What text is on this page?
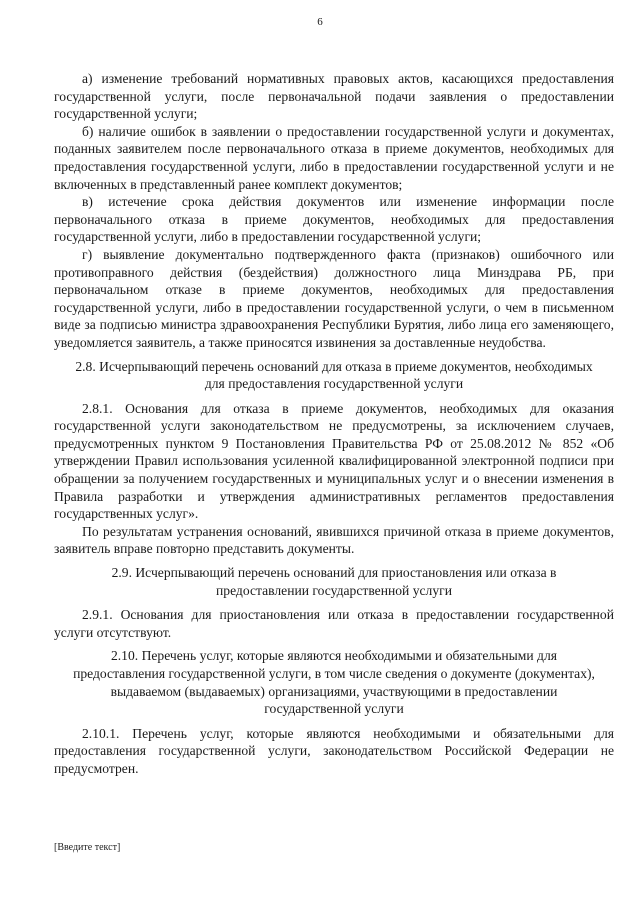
6

а) изменение требований нормативных правовых актов, касающихся предоставления государственной услуги, после первоначальной подачи заявления о предоставлении государственной услуги;

б) наличие ошибок в заявлении о предоставлении государственной услуги и документах, поданных заявителем после первоначального отказа в приеме документов, необходимых для предоставления государственной услуги, либо в предоставлении государственной услуги и не включенных в представленный ранее комплект документов;

в) истечение срока действия документов или изменение информации после первоначального отказа в приеме документов, необходимых для предоставления государственной услуги, либо в предоставлении государственной услуги;

г) выявление документально подтвержденного факта (признаков) ошибочного или противоправного действия (бездействия) должностного лица Минздрава РБ, при первоначальном отказе в приеме документов, необходимых для предоставления государственной услуги, либо в предоставлении государственной услуги, о чем в письменном виде за подписью министра здравоохранения Республики Бурятия, либо лица его заменяющего, уведомляется заявитель, а также приносятся извинения за доставленные неудобства.

2.8. Исчерпывающий перечень оснований для отказа в приеме документов, необходимых для предоставления государственной услуги

2.8.1. Основания для отказа в приеме документов, необходимых для оказания государственной услуги законодательством не предусмотрены, за исключением случаев, предусмотренных пунктом 9 Постановления Правительства РФ от 25.08.2012 № 852 «Об утверждении Правил использования усиленной квалифицированной электронной подписи при обращении за получением государственных и муниципальных услуг и о внесении изменения в Правила разработки и утверждения административных регламентов предоставления государственных услуг».

По результатам устранения оснований, явившихся причиной отказа в приеме документов, заявитель вправе повторно представить документы.

2.9. Исчерпывающий перечень оснований для приостановления или отказа в предоставлении государственной услуги

2.9.1. Основания для приостановления или отказа в предоставлении государственной услуги отсутствуют.

2.10. Перечень услуг, которые являются необходимыми и обязательными для предоставления государственной услуги, в том числе сведения о документе (документах), выдаваемом (выдаваемых) организациями, участвующими в предоставлении государственной услуги

2.10.1. Перечень услуг, которые являются необходимыми и обязательными для предоставления государственной услуги, законодательством Российской Федерации не предусмотрен.

[Введите текст]
